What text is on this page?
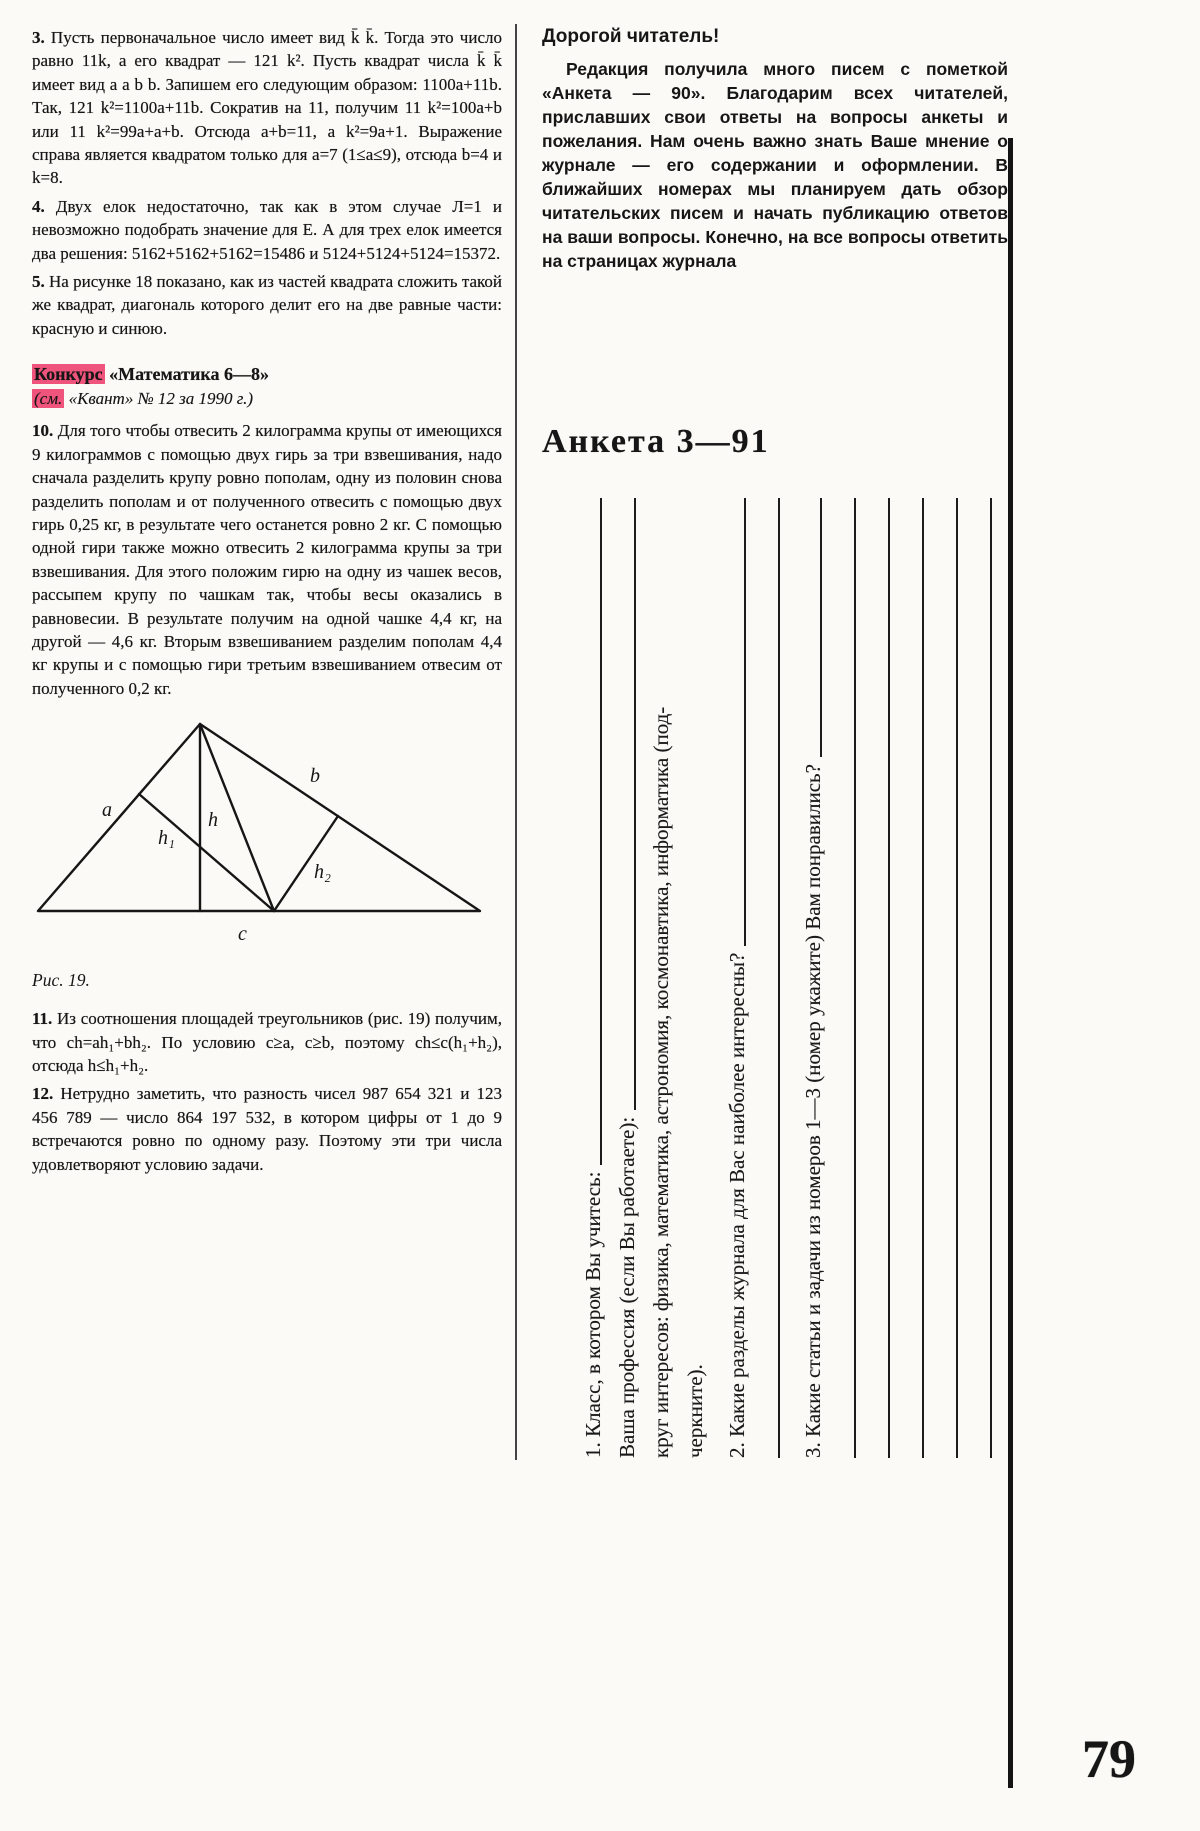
3. Пусть первоначальное число имеет вид k̄ k̄. Тогда это число равно 11k, а его квадрат — 121 k². Пусть квадрат числа k̄ k̄ имеет вид a a b b. Запишем его следующим образом: 1100a+11b. Так, 121 k²=1100a+11b. Сократив на 11, получим 11 k²=100a+b или 11 k²=99a+a+b. Отсюда a+b=11, а k²=9a+1. Выражение справа является квадратом только для a=7 (1≤a≤9), отсюда b=4 и k=8.

4. Двух елок недостаточно, так как в этом случае Л=1 и невозможно подобрать значение для Е. А для трех елок имеется два решения: 5162+5162+5162=15486 и 5124+5124+5124=15372.

5. На рисунке 18 показано, как из частей квадрата сложить такой же квадрат, диагональ которого делит его на две равные части: красную и синюю.

Конкурс «Математика 6—8»

(см. «Квант» № 12 за 1990 г.)

10. Для того чтобы отвесить 2 килограмма крупы от имеющихся 9 килограммов с помощью двух гирь за три взвешивания, надо сначала разделить крупу ровно пополам, одну из половин снова разделить пополам и от полученного отвесить с помощью двух гирь 0,25 кг, в результате чего останется ровно 2 кг. С помощью одной гири также можно отвесить 2 килограмма крупы за три взвешивания. Для этого положим гирю на одну из чашек весов, рассыпем крупу по чашкам так, чтобы весы оказались в равновесии. В результате получим на одной чашке 4,4 кг, на другой — 4,6 кг. Вторым взвешиванием разделим пополам 4,4 кг крупы и с помощью гири третьим взвешиванием отвесим от полученного 0,2 кг.

a
b
c
h
h₁
h₂

Рис. 19.

11. Из соотношения площадей треугольников (рис. 19) получим, что ch=ah₁+bh₂. По условию c≥a, c≥b, поэтому ch≤c(h₁+h₂), отсюда h≤h₁+h₂.

12. Нетрудно заметить, что разность чисел 987 654 321 и 123 456 789 — число 864 197 532, в котором цифры от 1 до 9 встречаются ровно по одному разу. Поэтому эти три числа удовлетворяют условию задачи.

Дорогой читатель!

Редакция получила много писем с пометкой «Анкета — 90». Благодарим всех читателей, приславших свои ответы на вопросы анкеты и пожелания. Нам очень важно знать Ваше мнение о журнале — его содержании и оформлении. В ближайших номерах мы планируем дать обзор читательских писем и начать публикацию ответов на ваши вопросы. Конечно, на все вопросы ответить на страницах журнала

Анкета 3—91
1. Класс, в котором Вы учитесь: Ваша профессия (если Вы работаете): круг интересов: физика, математика, астрономия, космонавтика, информатика (под- черкните). 2. Какие разделы журнала для Вас наиболее интересны? 3. Какие статьи и задачи из номеров 1—3 (номер укажите) Вам понравились?
79
